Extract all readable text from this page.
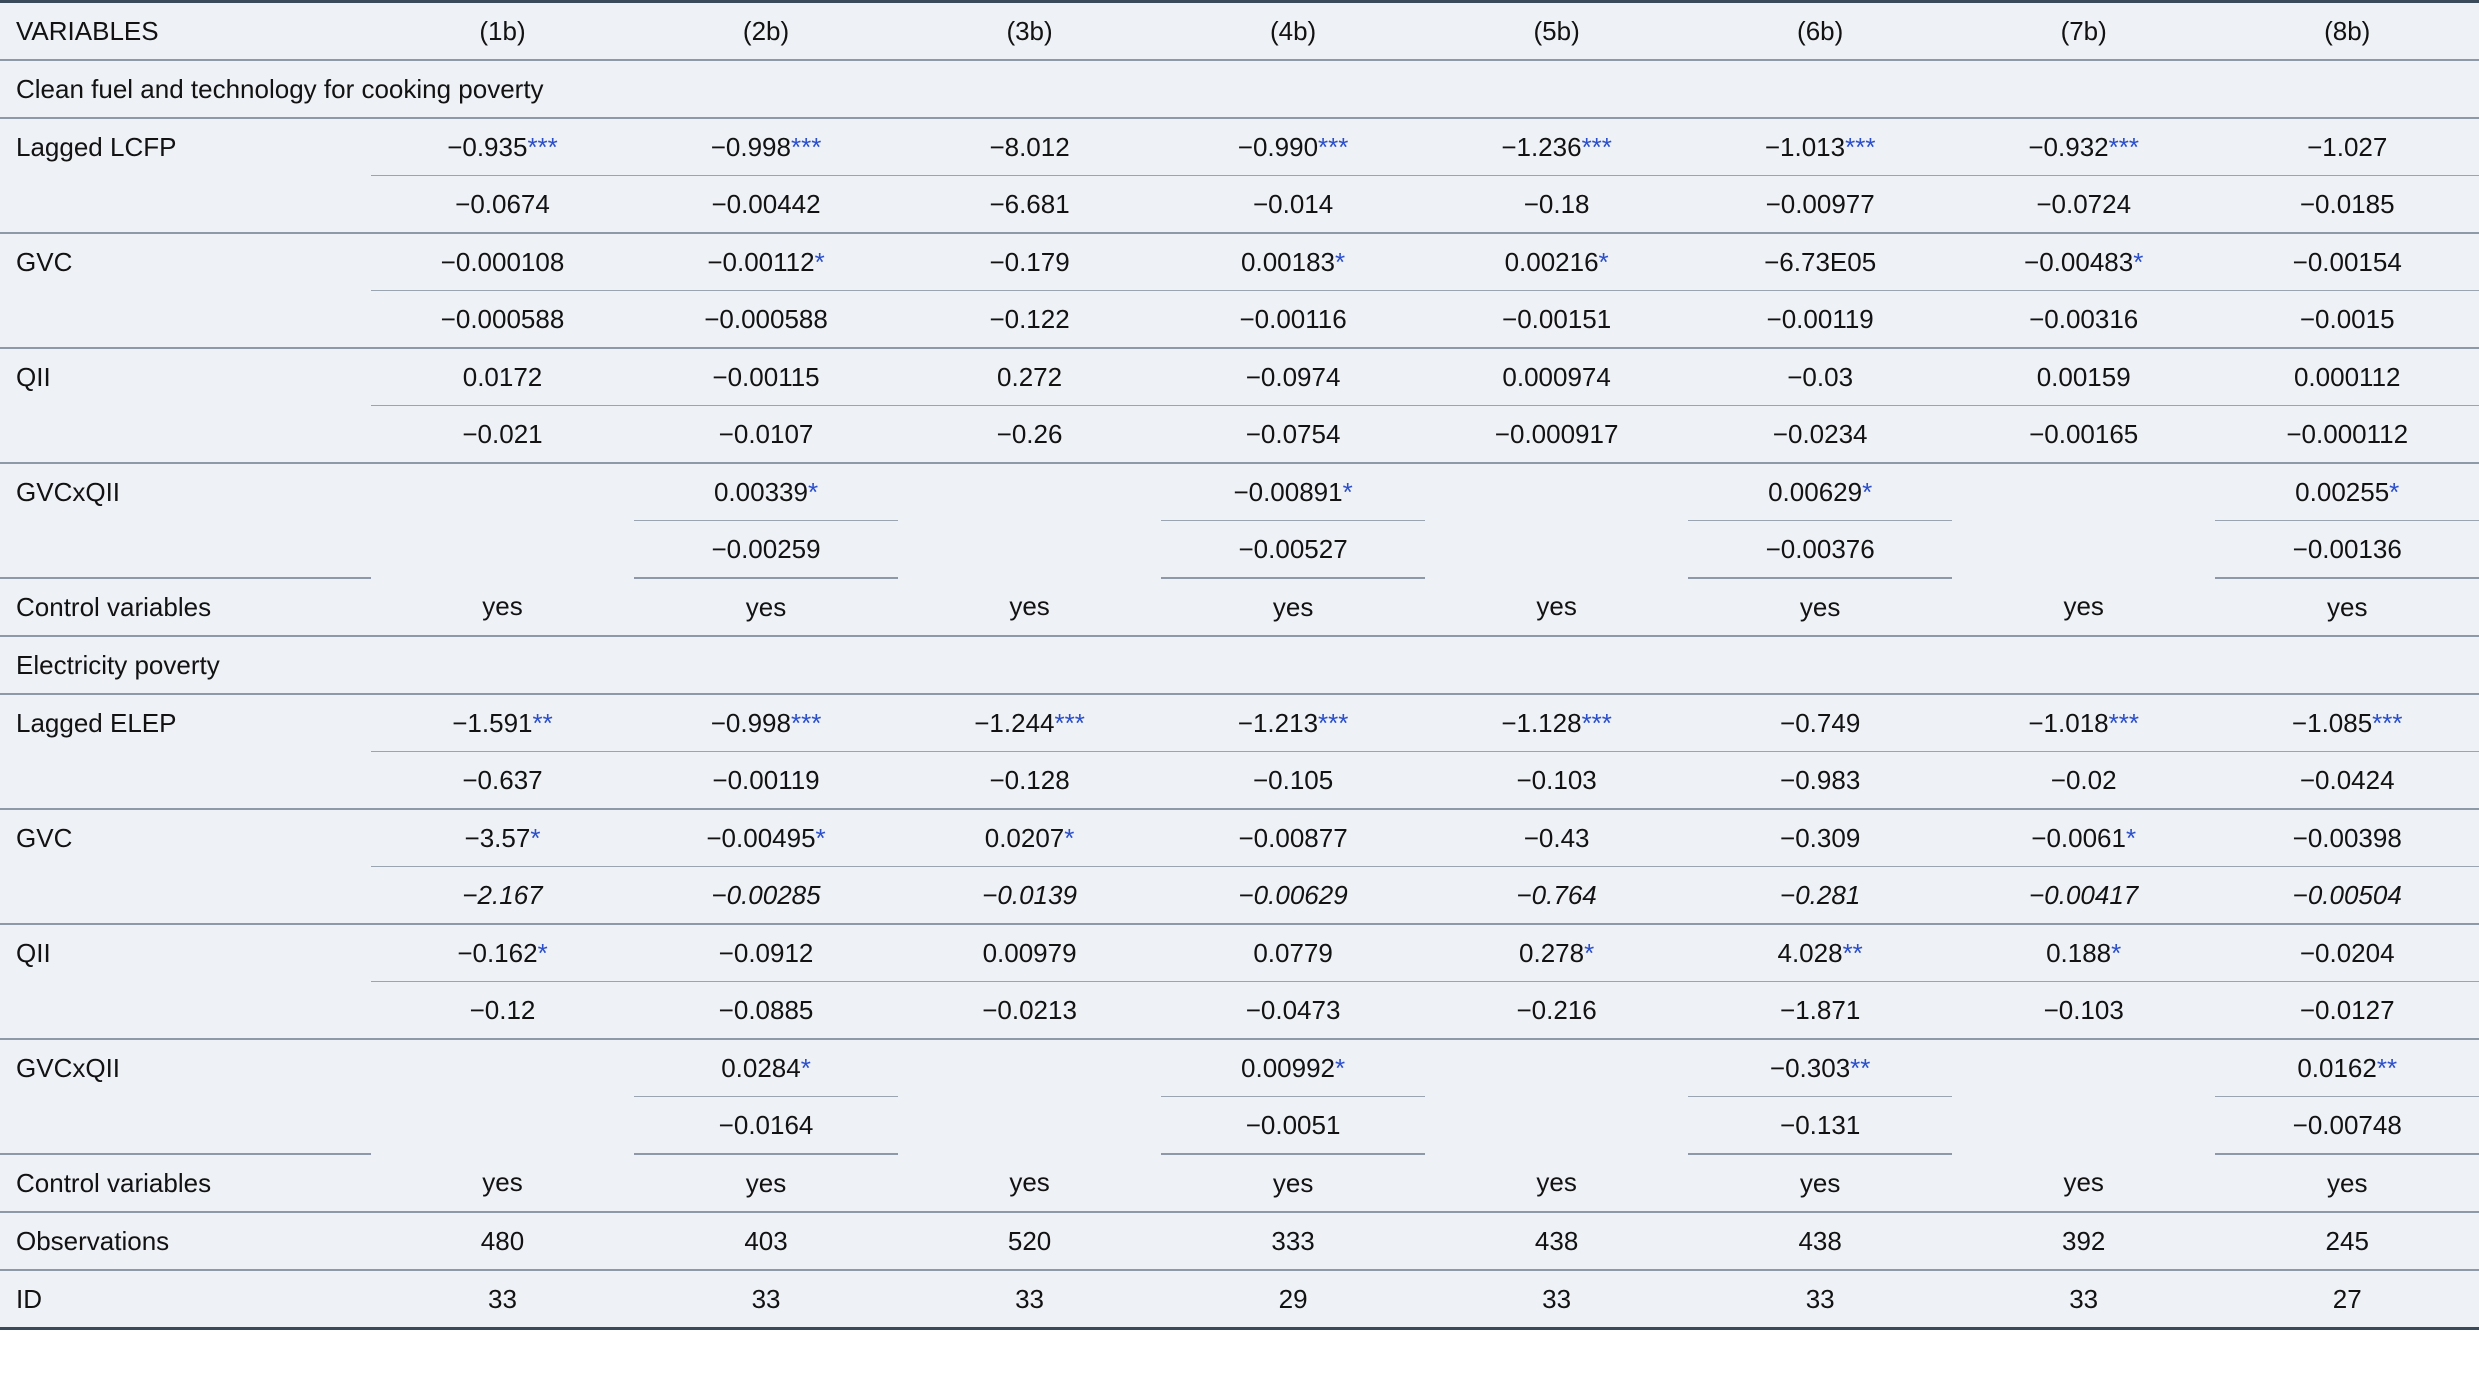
VARIABLES	(1b)	(2b)	(3b)	(4b)	(5b)	(6b)	(7b)	(8b)
Clean fuel and technology for cooking poverty								
Lagged LCFP	−0.935***	−0.998***	−8.012	−0.990***	−1.236***	−1.013***	−0.932***	−1.027
	−0.0674	−0.00442	−6.681	−0.014	−0.18	−0.00977	−0.0724	−0.0185
GVC	−0.000108	−0.00112*	−0.179	0.00183*	0.00216*	−6.73E05	−0.00483*	−0.00154
	−0.000588	−0.000588	−0.122	−0.00116	−0.00151	−0.00119	−0.00316	−0.0015
QII	0.0172	−0.00115	0.272	−0.0974	0.000974	−0.03	0.00159	0.000112
	−0.021	−0.0107	−0.26	−0.0754	−0.000917	−0.0234	−0.00165	−0.000112
GVCxQII		0.00339*		−0.00891*		0.00629*		0.00255*
		−0.00259		−0.00527		−0.00376		−0.00136
Control variables	yes	yes	yes	yes	yes	yes	yes	yes
Electricity poverty								
Lagged ELEP	−1.591**	−0.998***	−1.244***	−1.213***	−1.128***	−0.749	−1.018***	−1.085***
	−0.637	−0.00119	−0.128	−0.105	−0.103	−0.983	−0.02	−0.0424
GVC	−3.57*	−0.00495*	0.0207*	−0.00877	−0.43	−0.309	−0.0061*	−0.00398
	−2.167	−0.00285	−0.0139	−0.00629	−0.764	−0.281	−0.00417	−0.00504
QII	−0.162*	−0.0912	0.00979	0.0779	0.278*	4.028**	0.188*	−0.0204
	−0.12	−0.0885	−0.0213	−0.0473	−0.216	−1.871	−0.103	−0.0127
GVCxQII		0.0284*		0.00992*		−0.303**		0.0162**
		−0.0164		−0.0051		−0.131		−0.00748
Control variables	yes	yes	yes	yes	yes	yes	yes	yes
Observations	480	403	520	333	438	438	392	245
ID	33	33	33	29	33	33	33	27
